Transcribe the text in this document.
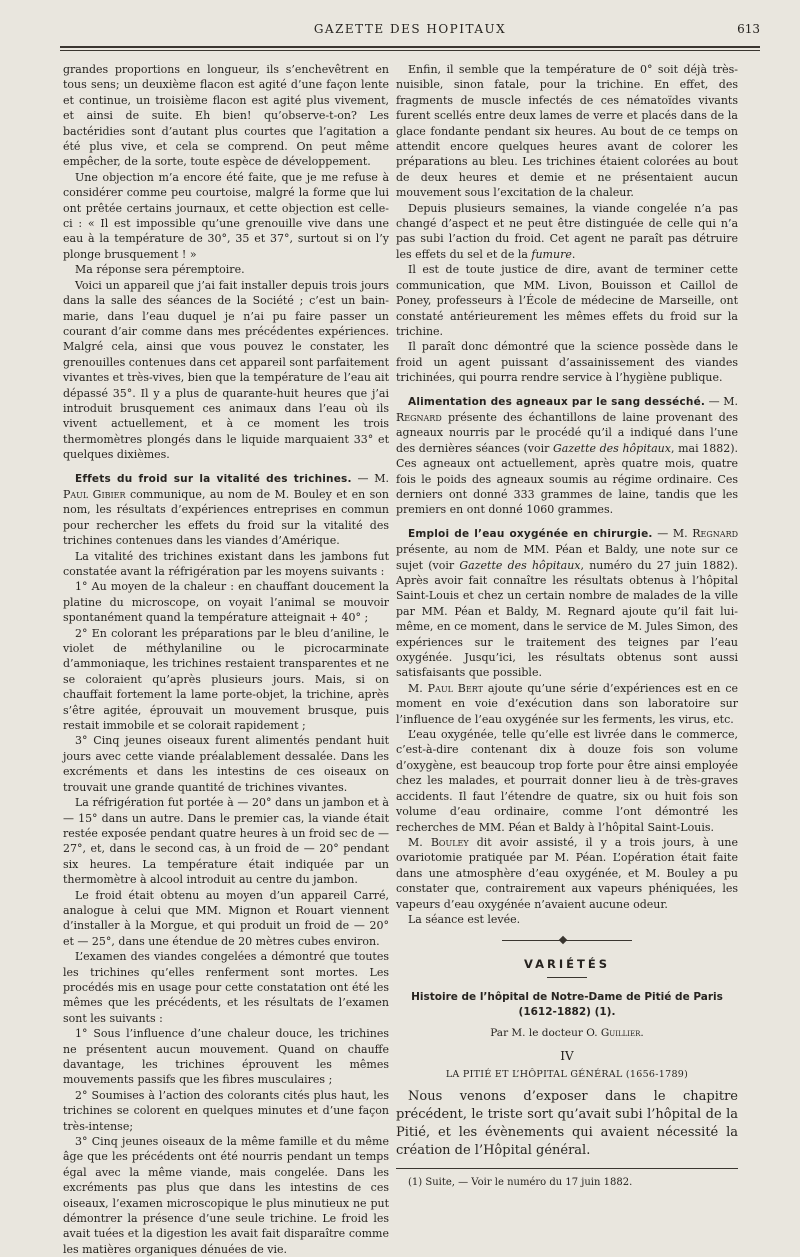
GAZETTE DES HOPITAUX	613

grandes proportions en longueur, ils s’enchevêtrent en tous sens; un deuxième flacon est agité d’une façon lente et continue, un troisième flacon est agité plus vivement, et ainsi de suite. Eh bien! qu’observe-t-on? Les bactéridies sont d’autant plus courtes que l’agitation a été plus vive, et cela se comprend. On peut même empêcher, de la sorte, toute espèce de développement.

Une objection m’a encore été faite, que je me refuse à considérer comme peu courtoise, malgré la forme que lui ont prêtée certains journaux, et cette objection est celle-ci : « Il est impossible qu’une grenouille vive dans une eau à la température de 30°, 35 et 37°, surtout si on l’y plonge brusquement ! »

Ma réponse sera péremptoire.

Voici un appareil que j’ai fait installer depuis trois jours dans la salle des séances de la Société ; c’est un bain-marie, dans l’eau duquel je n’ai pu faire passer un courant d’air comme dans mes précédentes expériences. Malgré cela, ainsi que vous pouvez le constater, les grenouilles contenues dans cet appareil sont parfaitement vivantes et très-vives, bien que la température de l’eau ait dépassé 35°. Il y a plus de quarante-huit heures que j’ai introduit brusquement ces animaux dans l’eau où ils vivent actuellement, et à ce moment les trois thermomètres plongés dans le liquide marquaient 33° et quelques dixièmes.

Effets du froid sur la vitalité des trichines. — M. Paul Gibier communique, au nom de M. Bouley et en son nom, les résultats d’expériences entreprises en commun pour rechercher les effets du froid sur la vitalité des trichines contenues dans les viandes d’Amérique.

La vitalité des trichines existant dans les jambons fut constatée avant la réfrigération par les moyens suivants :

1° Au moyen de la chaleur : en chauffant doucement la platine du microscope, on voyait l’animal se mouvoir spontanément quand la température atteignait + 40° ;

2° En colorant les préparations par le bleu d’aniline, le violet de méthylaniline ou le picrocarminate d’ammoniaque, les trichines restaient transparentes et ne se coloraient qu’après plusieurs jours. Mais, si on chauffait fortement la lame porte-objet, la trichine, après s’être agitée, éprouvait un mouvement brusque, puis restait immobile et se colorait rapidement ;

3° Cinq jeunes oiseaux furent alimentés pendant huit jours avec cette viande préalablement dessalée. Dans les excréments et dans les intestins de ces oiseaux on trouvait une grande quantité de trichines vivantes.

La réfrigération fut portée à — 20° dans un jambon et à — 15° dans un autre. Dans le premier cas, la viande était restée exposée pendant quatre heures à un froid sec de — 27°, et, dans le second cas, à un froid de — 20° pendant six heures. La température était indiquée par un thermomètre à alcool introduit au centre du jambon.

Le froid était obtenu au moyen d’un appareil Carré, analogue à celui que MM. Mignon et Rouart viennent d’installer à la Morgue, et qui produit un froid de — 20° et — 25°, dans une étendue de 20 mètres cubes environ.

L’examen des viandes congelées a démontré que toutes les trichines qu’elles renferment sont mortes. Les procédés mis en usage pour cette constatation ont été les mêmes que les précédents, et les résultats de l’examen sont les suivants :

1° Sous l’influence d’une chaleur douce, les trichines ne présentent aucun mouvement. Quand on chauffe davantage, les trichines éprouvent les mêmes mouvements passifs que les fibres musculaires ;

2° Soumises à l’action des colorants cités plus haut, les trichines se colorent en quelques minutes et d’une façon très-intense;

3° Cinq jeunes oiseaux de la même famille et du même âge que les précédents ont été nourris pendant un temps égal avec la même viande, mais congelée. Dans les excréments pas plus que dans les intestins de ces oiseaux, l’examen microscopique le plus minutieux ne put démontrer la présence d’une seule trichine. Le froid les avait tuées et la digestion les avait fait disparaître comme les matières organiques dénuées de vie.

Enfin, il semble que la température de 0° soit déjà très-nuisible, sinon fatale, pour la trichine. En effet, des fragments de muscle infectés de ces nématoïdes vivants furent scellés entre deux lames de verre et placés dans de la glace fondante pendant six heures. Au bout de ce temps on attendit encore quelques heures avant de colorer les préparations au bleu. Les trichines étaient colorées au bout de deux heures et demie et ne présentaient aucun mouvement sous l’excitation de la chaleur.

Depuis plusieurs semaines, la viande congelée n’a pas changé d’aspect et ne peut être distinguée de celle qui n’a pas subi l’action du froid. Cet agent ne paraît pas détruire les effets du sel et de la fumure.

Il est de toute justice de dire, avant de terminer cette communication, que MM. Livon, Bouisson et Caillol de Poney, professeurs à l’École de médecine de Marseille, ont constaté antérieurement les mêmes effets du froid sur la trichine.

Il paraît donc démontré que la science possède dans le froid un agent puissant d’assainissement des viandes trichinées, qui pourra rendre service à l’hygiène publique.

Alimentation des agneaux par le sang desséché. — M. Regnard présente des échantillons de laine provenant des agneaux nourris par le procédé qu’il a indiqué dans l’une des dernières séances (voir Gazette des hôpitaux, mai 1882). Ces agneaux ont actuellement, après quatre mois, quatre fois le poids des agneaux soumis au régime ordinaire. Ces derniers ont donné 333 grammes de laine, tandis que les premiers en ont donné 1060 grammes.

Emploi de l’eau oxygénée en chirurgie. — M. Regnard présente, au nom de MM. Péan et Baldy, une note sur ce sujet (voir Gazette des hôpitaux, numéro du 27 juin 1882). Après avoir fait connaître les résultats obtenus à l’hôpital Saint-Louis et chez un certain nombre de malades de la ville par MM. Péan et Baldy, M. Regnard ajoute qu’il fait lui-même, en ce moment, dans le service de M. Jules Simon, des expériences sur le traitement des teignes par l’eau oxygénée. Jusqu’ici, les résultats obtenus sont aussi satisfaisants que possible.

M. Paul Bert ajoute qu’une série d’expériences est en ce moment en voie d’exécution dans son laboratoire sur l’influence de l’eau oxygénée sur les ferments, les virus, etc.

L’eau oxygénée, telle qu’elle est livrée dans le commerce, c’est-à-dire contenant dix à douze fois son volume d’oxygène, est beaucoup trop forte pour être ainsi employée chez les malades, et pourrait donner lieu à de très-graves accidents. Il faut l’étendre de quatre, six ou huit fois son volume d’eau ordinaire, comme l’ont démontré les recherches de MM. Péan et Baldy à l’hôpital Saint-Louis.

M. Bouley dit avoir assisté, il y a trois jours, à une ovariotomie pratiquée par M. Péan. L’opération était faite dans une atmosphère d’eau oxygénée, et M. Bouley a pu constater que, contrairement aux vapeurs phéniquées, les vapeurs d’eau oxygénée n’avaient aucune odeur.

La séance est levée.

VARIÉTÉS
Histoire de l’hôpital de Notre-Dame de Pitié de Paris (1612-1882) (1).
Par M. le docteur O. Guillier.
IV
LA PITIÉ ET L’HÔPITAL GÉNÉRAL (1656-1789)

Nous venons d’exposer dans le chapitre précédent, le triste sort qu’avait subi l’hôpital de la Pitié, et les évènements qui avaient nécessité la création de l’Hôpital général.

(1) Suite, — Voir le numéro du 17 juin 1882.
